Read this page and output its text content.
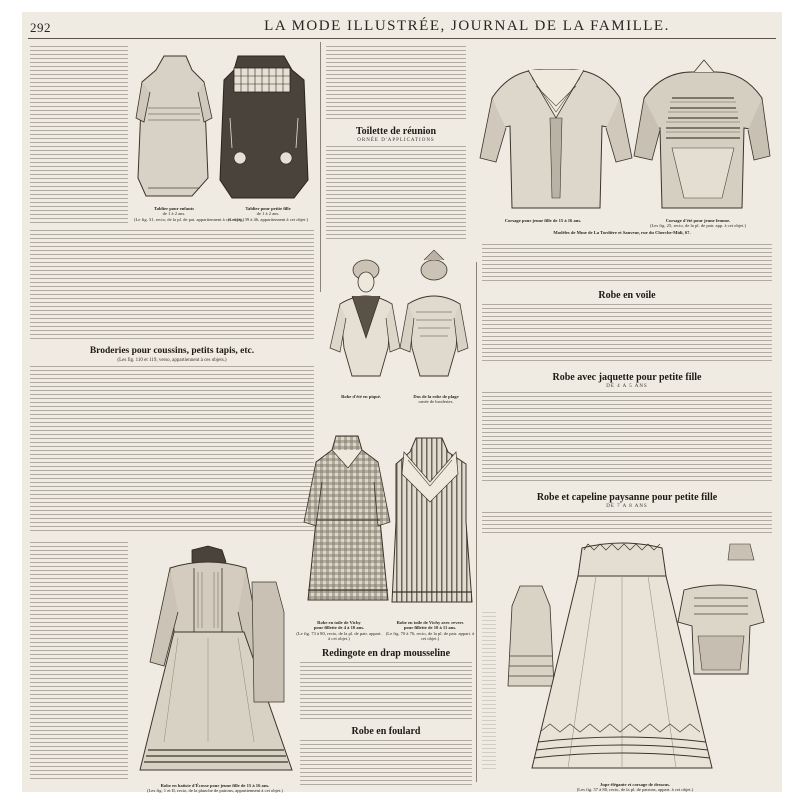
292	LA MODE ILLUSTRÉE, JOURNAL DE LA FAMILLE.
Tablier pour enfants
de 1 à 2 ans.
(Le fig. 31, recto, de la pl. de pat. appartiennent à cet objet.)
Tablier pour petite fille
de 1 à 2 ans.
(Les fig. 39 à 46, appartiennent à cet objet.)
Broderies pour coussins, petits tapis, etc.
(Les fig. 110 et 119, verso, appartiennent à ces objets.)
Toilette de réunion
ORNÉE D'APPLICATIONS
Corsage pour jeune fille de 15 à 16 ans.	Corsage d'été pour jeune femme.
(Les fig. 25, recto, de la pl. de patr. app. à cet objet.)
Modèles de Mme de La Tordière et Sauveur, rue du Cherche-Midi, 67.
Robe en voile
Robe avec jaquette pour petite fille
DE 4 A 5 ANS
Robe et capeline paysanne pour petite fille
DE 7 A 8 ANS
Robe d'été en piqué.	Dos de la robe de plage
ornée de broderies.
Robe en toile de Vichy
pour fillette de 4 à 10 ans.
(Le fig. 73 à 80, recto, de la pl. de patr. appart. à cet objet.)
Robe en toile de Vichy avec revers
pour fillette de 10 à 11 ans.
(Le fig. 70 à 76, recto, de la pl. de patr. appart. à cet objet.)
Redingote en drap mousseline
Robe en foulard
Robe en batiste d'Écosse pour jeune fille de 15 à 16 ans.
(Les fig. 1 et II, recto, de la planche de patrons, appartiennent à cet objet.)
Jupe élégante et corsage de dessous.
(Les fig. 57 à 80, recto, de la pl. de patrons, appart. à cet objet.)
